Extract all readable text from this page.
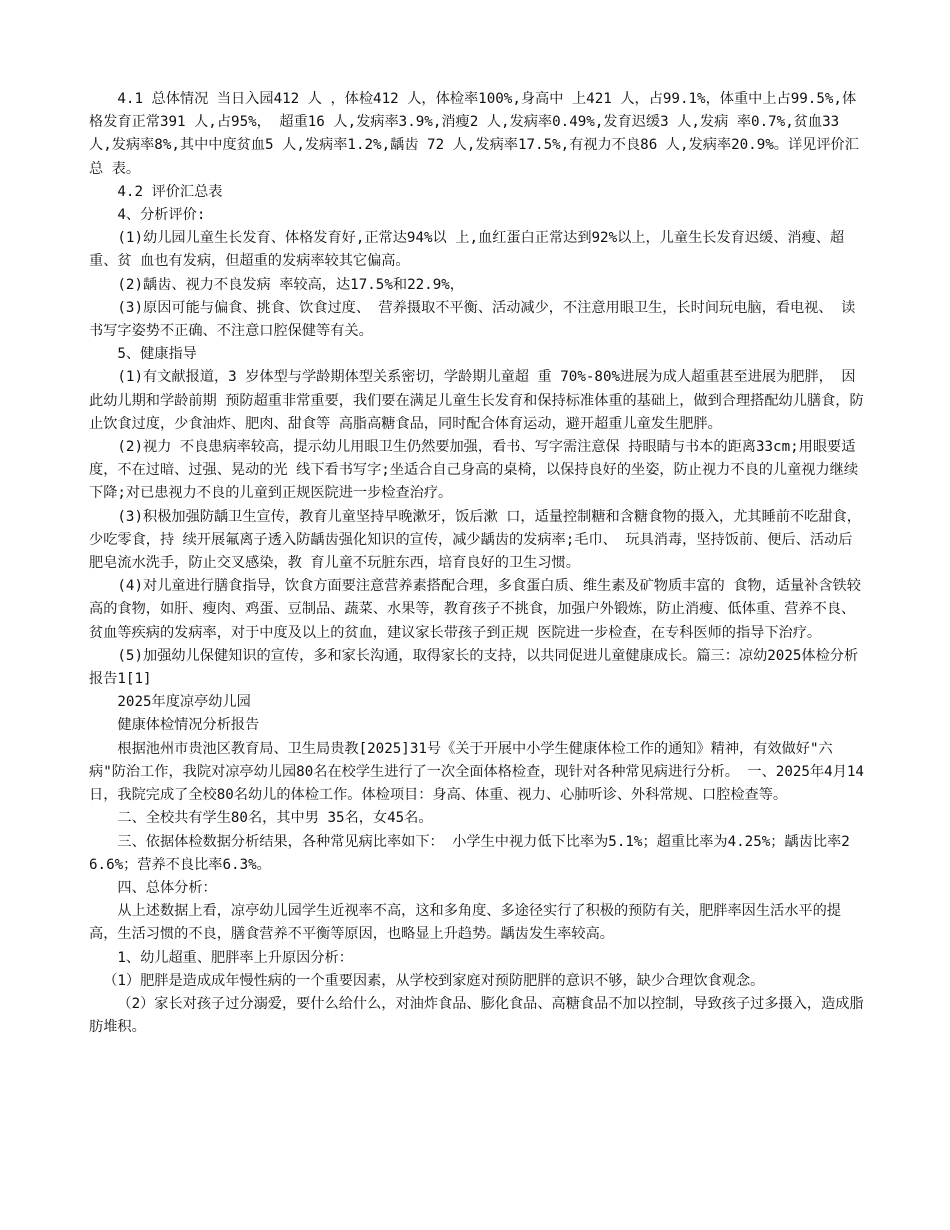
4.1 总体情况 当日入园412 人 ，体检412 人，体检率100%,身高中 上421 人，占99.1%，体重中上占99.5%,体格发育正常391 人,占95%， 超重16 人,发病率3.9%,消瘦2 人,发病率0.49%,发育迟缓3 人,发病 率0.7%,贫血33 人,发病率8%,其中中度贫血5 人,发病率1.2%,龋齿 72 人,发病率17.5%,有视力不良86 人,发病率20.9%。详见评价汇总 表。

4.2 评价汇总表

4、分析评价:

(1)幼儿园儿童生长发育、体格发育好,正常达94%以 上,血红蛋白正常达到92%以上，儿童生长发育迟缓、消瘦、超重、贫 血也有发病，但超重的发病率较其它偏高。

(2)龋齿、视力不良发病 率较高，达17.5%和22.9%，

(3)原因可能与偏食、挑食、饮食过度、 营养摄取不平衡、活动减少，不注意用眼卫生，长时间玩电脑，看电视、 读书写字姿势不正确、不注意口腔保健等有关。

5、健康指导

(1)有文献报道，3 岁体型与学龄期体型关系密切，学龄期儿童超 重 70%-80%进展为成人超重甚至进展为肥胖， 因此幼儿期和学龄前期 预防超重非常重要，我们要在满足儿童生长发育和保持标准体重的基础上，做到合理搭配幼儿膳食，防止饮食过度，少食油炸、肥肉、甜食等 高脂高糖食品，同时配合体育运动，避开超重儿童发生肥胖。

(2)视力 不良患病率较高，提示幼儿用眼卫生仍然要加强，看书、写字需注意保 持眼睛与书本的距离33cm;用眼要适度，不在过暗、过强、晃动的光 线下看书写字;坐适合自己身高的桌椅，以保持良好的坐姿，防止视力不良的儿童视力继续下降;对已患视力不良的儿童到正规医院进一步检查治疗。

(3)积极加强防龋卫生宣传，教育儿童坚持早晚漱牙，饭后漱 口，适量控制糖和含糖食物的摄入，尤其睡前不吃甜食，少吃零食，持 续开展氟离子透入防龋齿强化知识的宣传，减少龋齿的发病率;毛巾、 玩具消毒，坚持饭前、便后、活动后肥皂流水洗手，防止交叉感染，教 育儿童不玩脏东西，培育良好的卫生习惯。

(4)对儿童进行膳食指导，饮食方面要注意营养素搭配合理，多食蛋白质、维生素及矿物质丰富的 食物，适量补含铁较高的食物，如肝、瘦肉、鸡蛋、豆制品、蔬菜、水果等，教育孩子不挑食，加强户外锻炼，防止消瘦、低体重、营养不良、 贫血等疾病的发病率，对于中度及以上的贫血，建议家长带孩子到正规 医院进一步检查，在专科医师的指导下治疗。

(5)加强幼儿保健知识的宣传，多和家长沟通，取得家长的支持，以共同促进儿童健康成长。篇三：凉幼2025体检分析报告1[1]

2025年度凉亭幼儿园

健康体检情况分析报告

根据池州市贵池区教育局、卫生局贵教[2025]31号《关于开展中小学生健康体检工作的通知》精神，有效做好"六病"防治工作，我院对凉亭幼儿园80名在校学生进行了一次全面体格检查，现针对各种常见病进行分析。 一、2025年4月14日，我院完成了全校80名幼儿的体检工作。体检项目：身高、体重、视力、心肺听诊、外科常规、口腔检查等。

二、全校共有学生80名，其中男 35名，女45名。

三、依据体检数据分析结果，各种常见病比率如下： 小学生中视力低下比率为5.1%；超重比率为4.25%；龋齿比率26.6%；营养不良比率6.3%。

四、总体分析：

从上述数据上看，凉亭幼儿园学生近视率不高，这和多角度、多途径实行了积极的预防有关，肥胖率因生活水平的提高，生活习惯的不良，膳食营养不平衡等原因，也略显上升趋势。龋齿发生率较高。

1、幼儿超重、肥胖率上升原因分析：

（1）肥胖是造成成年慢性病的一个重要因素，从学校到家庭对预防肥胖的意识不够，缺少合理饮食观念。

（2）家长对孩子过分溺爱，要什么给什么，对油炸食品、膨化食品、高糖食品不加以控制，导致孩子过多摄入，造成脂肪堆积。
